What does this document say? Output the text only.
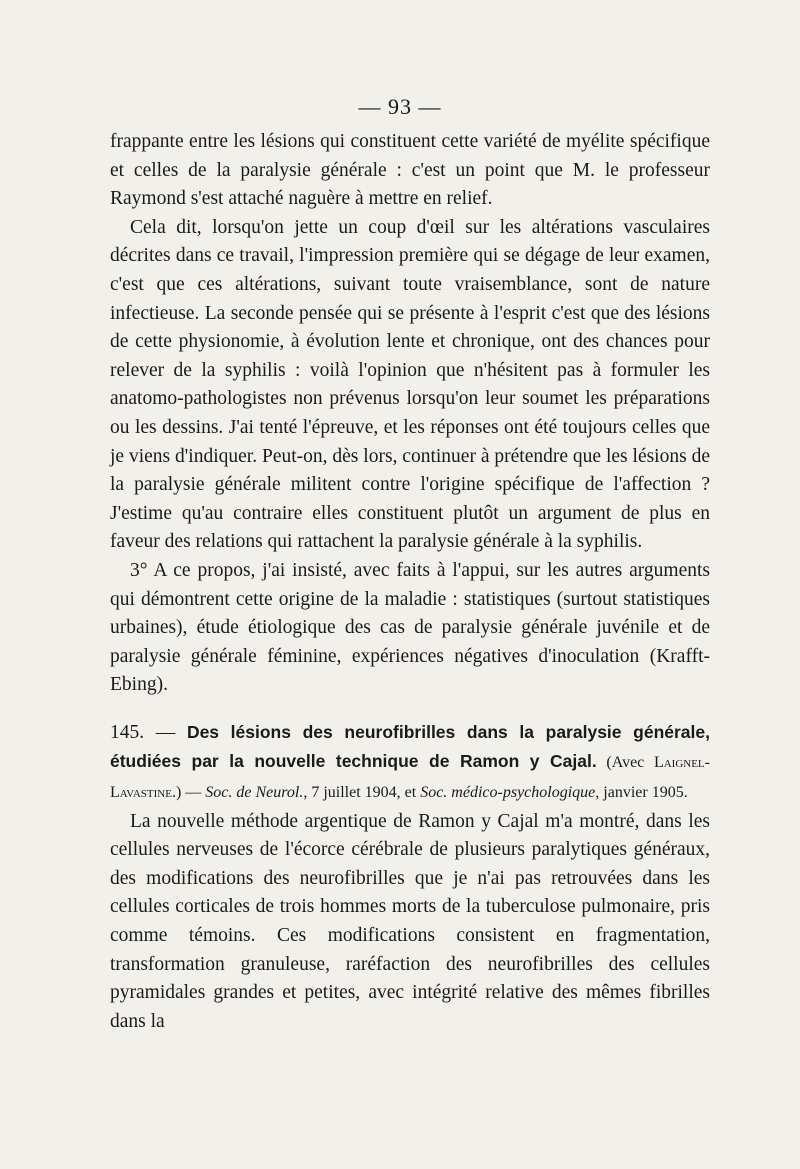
— 93 —

frappante entre les lésions qui constituent cette variété de myélite spécifique et celles de la paralysie générale : c'est un point que M. le professeur Raymond s'est attaché naguère à mettre en relief.

Cela dit, lorsqu'on jette un coup d'œil sur les altérations vasculaires décrites dans ce travail, l'impression première qui se dégage de leur examen, c'est que ces altérations, suivant toute vraisemblance, sont de nature infectieuse. La seconde pensée qui se présente à l'esprit c'est que des lésions de cette physionomie, à évolution lente et chronique, ont des chances pour relever de la syphilis : voilà l'opinion que n'hésitent pas à formuler les anatomo-pathologistes non prévenus lorsqu'on leur soumet les préparations ou les dessins. J'ai tenté l'épreuve, et les réponses ont été toujours celles que je viens d'indiquer. Peut-on, dès lors, continuer à prétendre que les lésions de la paralysie générale militent contre l'origine spécifique de l'affection ? J'estime qu'au contraire elles constituent plutôt un argument de plus en faveur des relations qui rattachent la paralysie générale à la syphilis.

3° A ce propos, j'ai insisté, avec faits à l'appui, sur les autres arguments qui démontrent cette origine de la maladie : statistiques (surtout statistiques urbaines), étude étiologique des cas de paralysie générale juvénile et de paralysie générale féminine, expériences négatives d'inoculation (Krafft-Ebing).

145. — Des lésions des neurofibrilles dans la paralysie générale, étudiées par la nouvelle technique de Ramon y Cajal. (Avec Laignel-Lavastine.) — Soc. de Neurol., 7 juillet 1904, et Soc. médico-psychologique, janvier 1905.

La nouvelle méthode argentique de Ramon y Cajal m'a montré, dans les cellules nerveuses de l'écorce cérébrale de plusieurs paralytiques généraux, des modifications des neurofibrilles que je n'ai pas retrouvées dans les cellules corticales de trois hommes morts de la tuberculose pulmonaire, pris comme témoins. Ces modifications consistent en fragmentation, transformation granuleuse, raréfaction des neurofibrilles des cellules pyramidales grandes et petites, avec intégrité relative des mêmes fibrilles dans la
